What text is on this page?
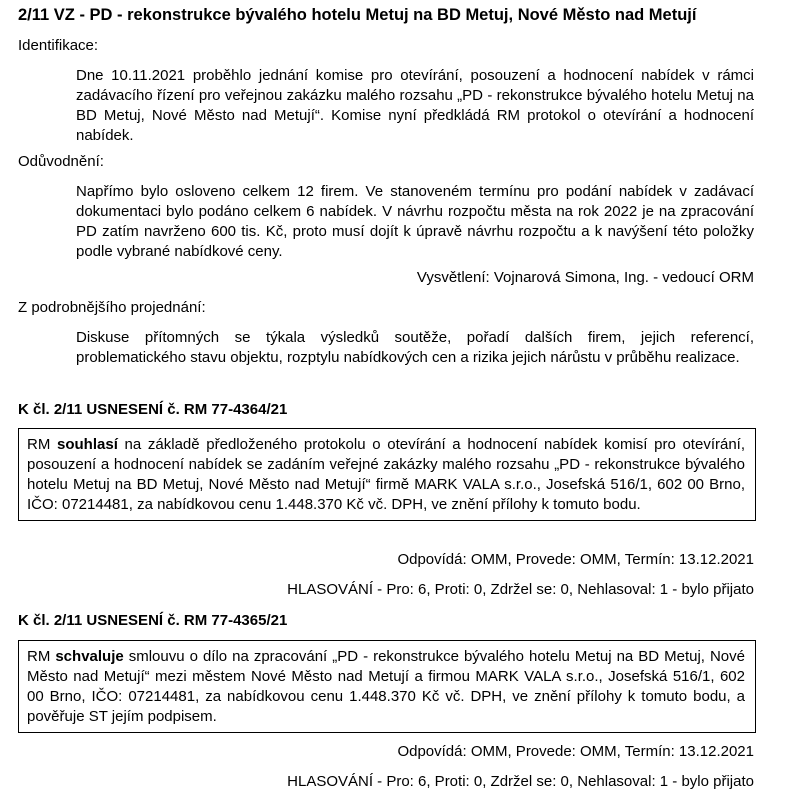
2/11 VZ - PD - rekonstrukce bývalého hotelu Metuj na BD Metuj, Nové Město nad Metují
Identifikace:
Dne 10.11.2021 proběhlo jednání komise pro otevírání, posouzení a hodnocení nabídek v rámci zadávacího řízení pro veřejnou zakázku malého rozsahu „PD - rekonstrukce bývalého hotelu Metuj na BD Metuj, Nové Město nad Metují“. Komise nyní předkládá RM protokol o otevírání a hodnocení nabídek.
Odůvodnění:
Napřímo bylo osloveno celkem 12 firem. Ve stanoveném termínu pro podání nabídek v zadávací dokumentaci bylo podáno celkem 6 nabídek. V návrhu rozpočtu města na rok 2022 je na zpracování PD zatím navrženo 600 tis. Kč, proto musí dojít k úpravě návrhu rozpočtu a k navýšení této položky podle vybrané nabídkové ceny.
Vysvětlení: Vojnarová Simona, Ing. - vedoucí ORM
Z podrobnějšího projednání:
Diskuse přítomných se týkala výsledků soutěže, pořadí dalších firem, jejich referencí, problematického stavu objektu, rozptylu nabídkových cen a rizika jejich nárůstu v průběhu realizace.
K čl. 2/11 USNESENÍ č. RM 77-4364/21
RM souhlasí na základě předloženého protokolu o otevírání a hodnocení nabídek komisí pro otevírání, posouzení a hodnocení nabídek se zadáním veřejné zakázky malého rozsahu „PD - rekonstrukce bývalého hotelu Metuj na BD Metuj, Nové Město nad Metují“ firmě MARK VALA s.r.o., Josefská 516/1, 602 00 Brno, IČO: 07214481, za nabídkovou cenu 1.448.370 Kč vč. DPH, ve znění přílohy k tomuto bodu.
Odpovídá: OMM, Provede: OMM, Termín: 13.12.2021
HLASOVÁNÍ - Pro: 6, Proti: 0, Zdržel se: 0, Nehlasoval: 1 - bylo přijato
K čl. 2/11 USNESENÍ č. RM 77-4365/21
RM schvaluje smlouvu o dílo na zpracování „PD - rekonstrukce bývalého hotelu Metuj na BD Metuj, Nové Město nad Metují“ mezi městem Nové Město nad Metují a firmou MARK VALA s.r.o., Josefská 516/1, 602 00 Brno, IČO: 07214481, za nabídkovou cenu 1.448.370 Kč vč. DPH, ve znění přílohy k tomuto bodu, a pověřuje ST jejím podpisem.
Odpovídá: OMM, Provede: OMM, Termín: 13.12.2021
HLASOVÁNÍ - Pro: 6, Proti: 0, Zdržel se: 0, Nehlasoval: 1 - bylo přijato
